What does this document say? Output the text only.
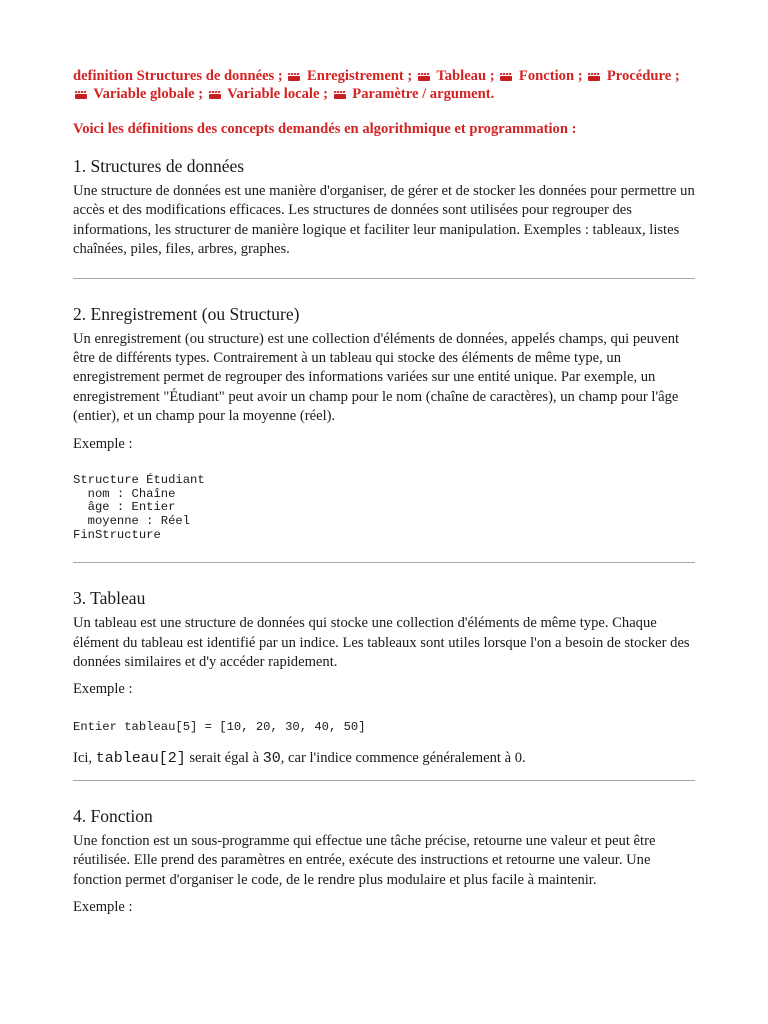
definition Structures de données ; Enregistrement ; Tableau ; Fonction ; Procédure ;  Variable globale ; Variable locale ; Paramètre / argument.

Voici les définitions des concepts demandés en algorithmique et programmation :

1. Structures de données

Une structure de données est une manière d'organiser, de gérer et de stocker les données pour permettre un accès et des modifications efficaces. Les structures de données sont utilisées pour regrouper des informations, les structurer de manière logique et faciliter leur manipulation. Exemples : tableaux, listes chaînées, piles, files, arbres, graphes.

2. Enregistrement (ou Structure)

Un enregistrement (ou structure) est une collection d'éléments de données, appelés champs, qui peuvent être de différents types. Contrairement à un tableau qui stocke des éléments de même type, un enregistrement permet de regrouper des informations variées sur une entité unique. Par exemple, un enregistrement "Étudiant" peut avoir un champ pour le nom (chaîne de caractères), un champ pour l'âge (entier), et un champ pour la moyenne (réel).

Exemple :

Structure Étudiant
nom : Chaîne
âge : Entier
moyenne : Réel
FinStructure
3. Tableau

Un tableau est une structure de données qui stocke une collection d'éléments de même type. Chaque élément du tableau est identifié par un indice. Les tableaux sont utiles lorsque l'on a besoin de stocker des données similaires et d'y accéder rapidement.

Exemple :

Entier tableau[5] = [10, 20, 30, 40, 50]

Ici, tableau[2] serait égal à 30, car l'indice commence généralement à 0.

4. Fonction

Une fonction est un sous-programme qui effectue une tâche précise, retourne une valeur et peut être réutilisée. Elle prend des paramètres en entrée, exécute des instructions et retourne une valeur. Une fonction permet d'organiser le code, de le rendre plus modulaire et plus facile à maintenir.

Exemple :
